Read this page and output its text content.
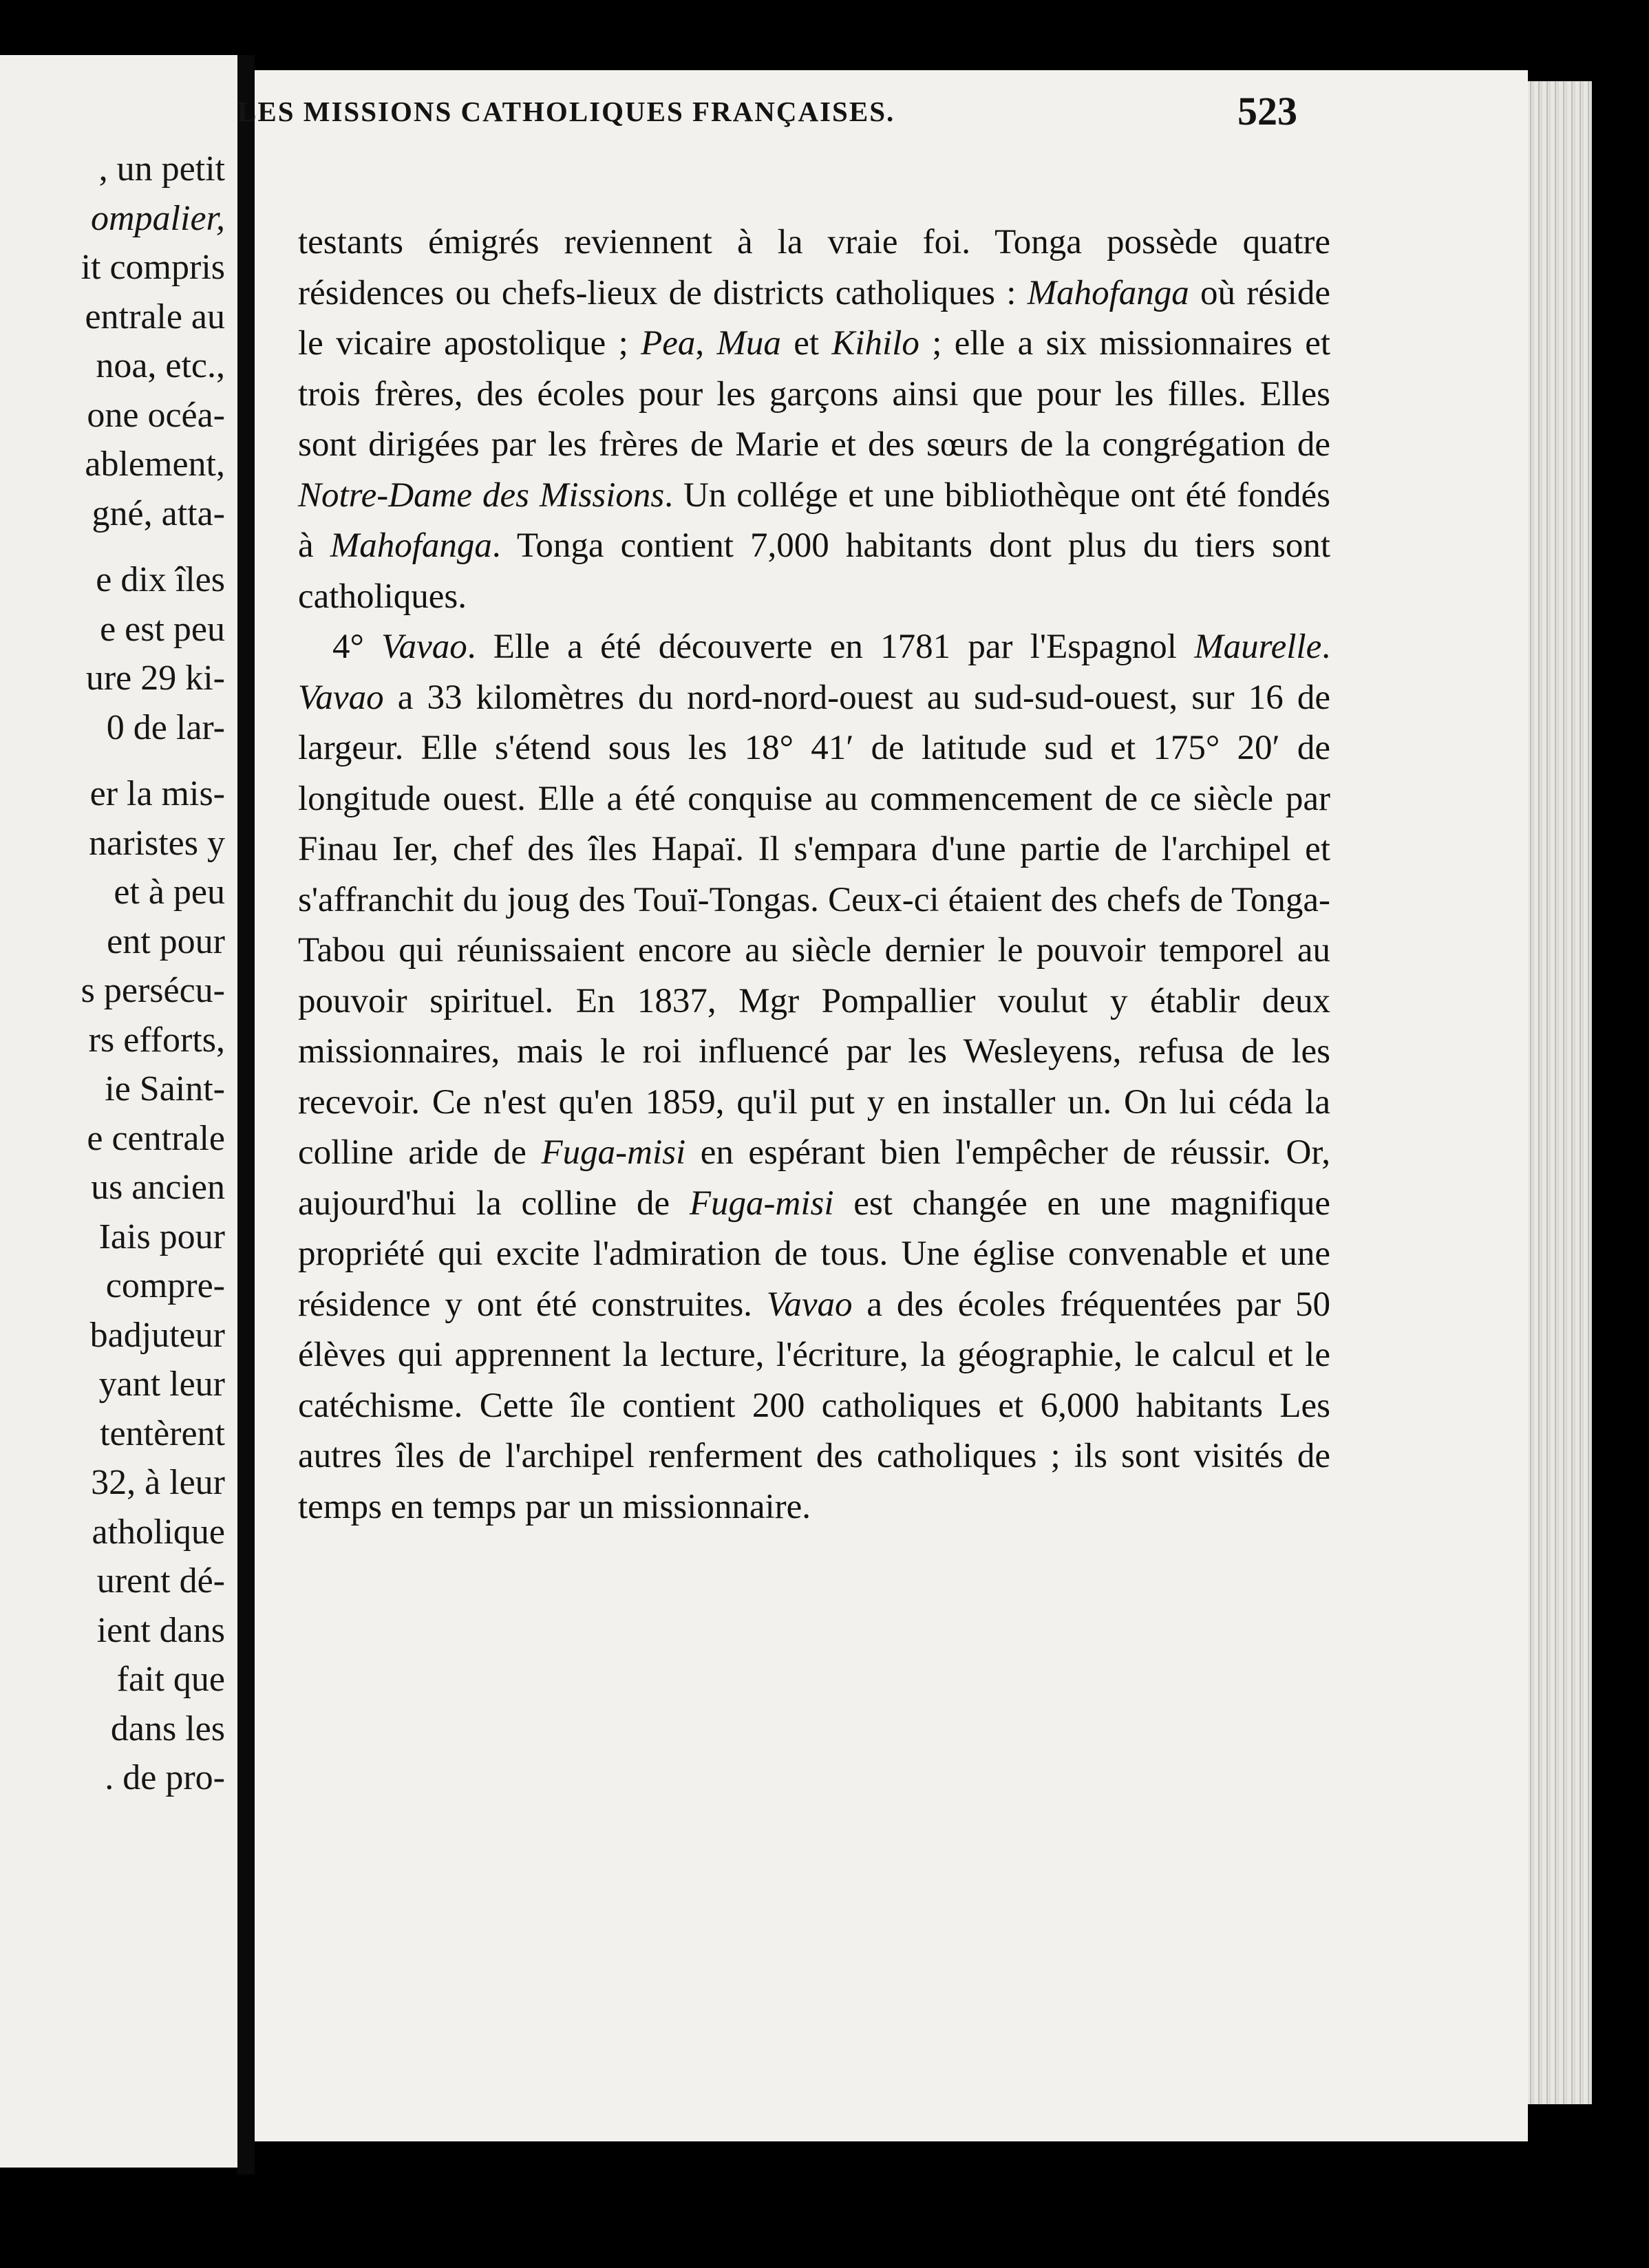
, un petit
ompalier,
it compris
entrale au
noa, etc.,
one océa-
ablement,
gné, atta-
e dix îles
e est peu
ure 29 ki-
0 de lar-
er la mis-
naristes y
et à peu
ent pour
s persécu-
rs efforts,
ie Saint-
e centrale
us ancien
Iais pour
compre-
badjuteur
yant leur
tentèrent
32, à leur
atholique
urent dé-
ient dans
fait que
dans les
. de pro-
LES MISSIONS CATHOLIQUES FRANÇAISES.	523

testants émigrés reviennent à la vraie foi. Tonga possède quatre résidences ou chefs-lieux de districts catholiques : Mahofanga où réside le vicaire apostolique ; Pea, Mua et Kihilo ; elle a six missionnaires et trois frères, des écoles pour les garçons ainsi que pour les filles. Elles sont dirigées par les frères de Marie et des sœurs de la congrégation de Notre-Dame des Missions. Un collége et une bibliothèque ont été fondés à Mahofanga. Tonga contient 7,000 habitants dont plus du tiers sont catholiques.

4° Vavao. Elle a été découverte en 1781 par l'Espagnol Maurelle. Vavao a 33 kilomètres du nord-nord-ouest au sud-sud-ouest, sur 16 de largeur. Elle s'étend sous les 18° 41′ de latitude sud et 175° 20′ de longitude ouest. Elle a été conquise au commencement de ce siècle par Finau Ier, chef des îles Hapaï. Il s'empara d'une partie de l'archipel et s'affranchit du joug des Touï-Tongas. Ceux-ci étaient des chefs de Tonga-Tabou qui réunissaient encore au siècle dernier le pouvoir temporel au pouvoir spirituel. En 1837, Mgr Pompallier voulut y établir deux missionnaires, mais le roi influencé par les Wesleyens, refusa de les recevoir. Ce n'est qu'en 1859, qu'il put y en installer un. On lui céda la colline aride de Fuga-misi en espérant bien l'empêcher de réussir. Or, aujourd'hui la colline de Fuga-misi est changée en une magnifique propriété qui excite l'admiration de tous. Une église convenable et une résidence y ont été construites. Vavao a des écoles fréquentées par 50 élèves qui apprennent la lecture, l'écriture, la géographie, le calcul et le catéchisme. Cette île contient 200 catholiques et 6,000 habitants Les autres îles de l'archipel renferment des catholiques ; ils sont visités de temps en temps par un missionnaire.
